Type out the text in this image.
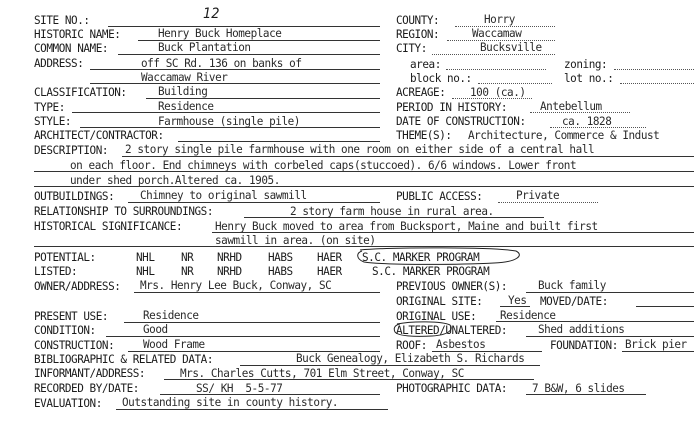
SITE NO.:	12	COUNTY:	Horry
HISTORIC NAME:	Henry Buck Homeplace	REGION:	Waccamaw
COMMON NAME:	Buck Plantation	CITY:	Bucksville
ADDRESS:	off SC Rd. 136 on banks of
Waccamaw River
area:	zoning:
block no.:	lot no.:
CLASSIFICATION:	Building	ACREAGE: 100 (ca.)
TYPE:	Residence	PERIOD IN HISTORY:	Antebellum
STYLE:	Farmhouse (single pile)	DATE OF CONSTRUCTION:	ca. 1828
ARCHITECT/CONTRACTOR:	THEME(S): Architecture, Commerce & Indust
DESCRIPTION: 2 story single pile farmhouse with one room on either side of a central hall
on each floor. End chimneys with corbeled caps(stuccoed). 6/6 windows. Lower front
under shed porch.Altered ca. 1905.
OUTBUILDINGS: Chimney to original sawmill	PUBLIC ACCESS:	Private
RELATIONSHIP TO SURROUNDINGS:	2 story farm house in rural area.
HISTORICAL SIGNIFICANCE:	Henry Buck moved to area from Bucksport, Maine and built first
sawmill in area. (on site)
POTENTIAL:	NHL NR NRHD HABS HAER S.C. MARKER PROGRAM
LISTED:	NHL NR NRHD HABS HAER	S.C. MARKER PROGRAM
OWNER/ADDRESS: Mrs. Henry Lee Buck, Conway, SC	PREVIOUS OWNER(S):	Buck family
ORIGINAL SITE: Yes MOVED/DATE:
PRESENT USE:	Residence	ORIGINAL USE: Residence
CONDITION:	Good	ALTERED/UNALTERED:	Shed additions
CONSTRUCTION:	Wood Frame	ROOF: Asbestos	FOUNDATION: Brick pier
BIBLIOGRAPHIC & RELATED DATA:	Buck Genealogy, Elizabeth S. Richards
INFORMANT/ADDRESS:	Mrs. Charles Cutts, 701 Elm Street, Conway, SC
RECORDED BY/DATE:	SS/ KH  5-5-77	PHOTOGRAPHIC DATA: 7 B&W, 6 slides
EVALUATION: Outstanding site in county history.
